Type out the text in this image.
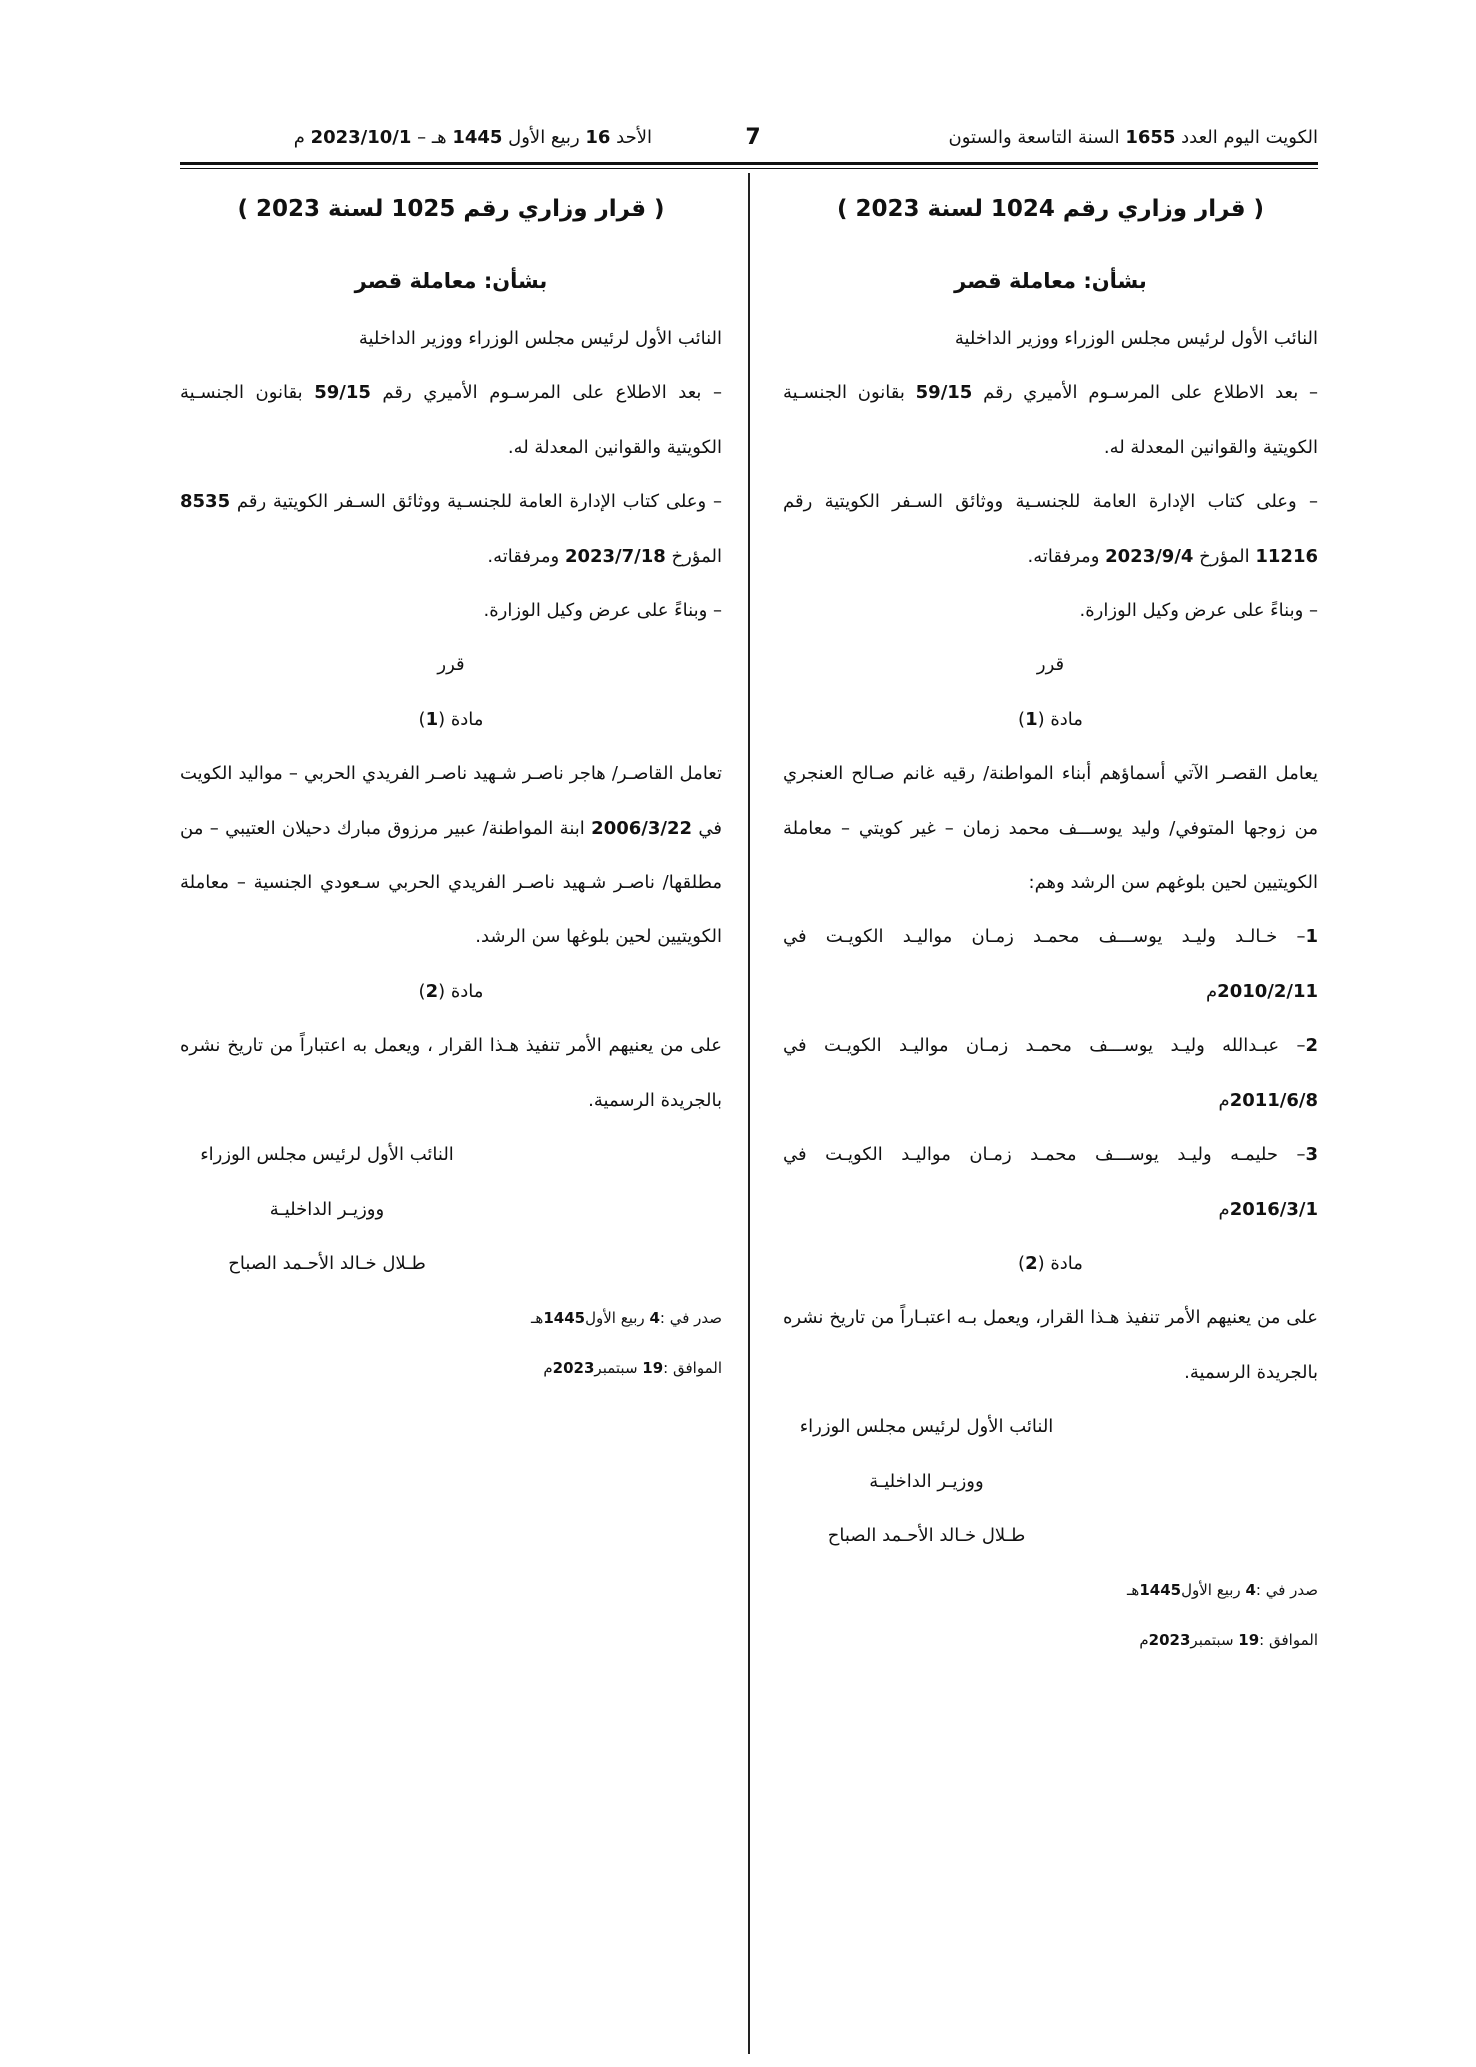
الكويت اليوم العدد 1655 السنة التاسعة والستون
7
الأحد 16 ربيع الأول 1445 هـ – 2023/10/1 م
( قرار وزاري رقم 1024 لسنة 2023 )
بشأن: معاملة قصر

النائب الأول لرئيس مجلس الوزراء ووزير الداخلية

– بعد الاطلاع على المرسـوم الأميري رقم 59/15 بقانون الجنسـية الكويتية والقوانين المعدلة له.

– وعلى كتاب الإدارة العامة للجنسـية ووثائق السـفر الكويتية رقم 11216 المؤرخ 2023/9/4 ومرفقاته.

– وبناءً على عرض وكيل الوزارة.

قرر

مادة (1)

يعامل القصـر الآتي أسماؤهم أبناء المواطنة/ رقيه غانم صـالح العنجري من زوجها المتوفي/ وليد يوســـف محمد زمان – غير كويتي – معاملة الكويتيين لحين بلوغهم سن الرشد وهم:

1– خـالـد وليـد يوســـف محمـد زمـان مواليـد الكويـت في 2010/2/11م

2– عبـدالله وليـد يوســـف محمـد زمـان مواليـد الكويـت في 2011/6/8م

3– حليمـه وليـد يوســـف محمـد زمـان مواليـد الكويـت في 2016/3/1م

مادة (2)

على من يعنيهم الأمر تنفيذ هـذا القرار، ويعمل بـه اعتبـاراً من تاريخ نشره بالجريدة الرسمية.

النائب الأول لرئيس مجلس الوزراء

ووزيـر الداخليـة

طـلال خـالد الأحـمد الصباح

صدر في :4 ربيع الأول1445هـ

الموافق :19 سبتمبر2023م

( قرار وزاري رقم 1025 لسنة 2023 )
بشأن: معاملة قصر

النائب الأول لرئيس مجلس الوزراء ووزير الداخلية

– بعد الاطلاع على المرسـوم الأميري رقم 59/15 بقانون الجنسـية الكويتية والقوانين المعدلة له.

– وعلى كتاب الإدارة العامة للجنسـية ووثائق السـفر الكويتية رقم 8535 المؤرخ 2023/7/18 ومرفقاته.

– وبناءً على عرض وكيل الوزارة.

قرر

مادة (1)

تعامل القاصـر/ هاجر ناصـر شـهيد ناصـر الفريدي الحربي – مواليد الكويت في 2006/3/22 ابنة المواطنة/ عبير مرزوق مبارك دحيلان العتيبي – من مطلقها/ ناصـر شـهيد ناصـر الفريدي الحربي سـعودي الجنسية – معاملة الكويتيين لحين بلوغها سن الرشد.

مادة (2)

على من يعنيهم الأمر تنفيذ هـذا القرار ، ويعمل به اعتباراً من تاريخ نشره بالجريدة الرسمية.

النائب الأول لرئيس مجلس الوزراء

ووزيـر الداخليـة

طـلال خـالد الأحـمد الصباح

صدر في :4 ربيع الأول1445هـ

الموافق :19 سبتمبر2023م
